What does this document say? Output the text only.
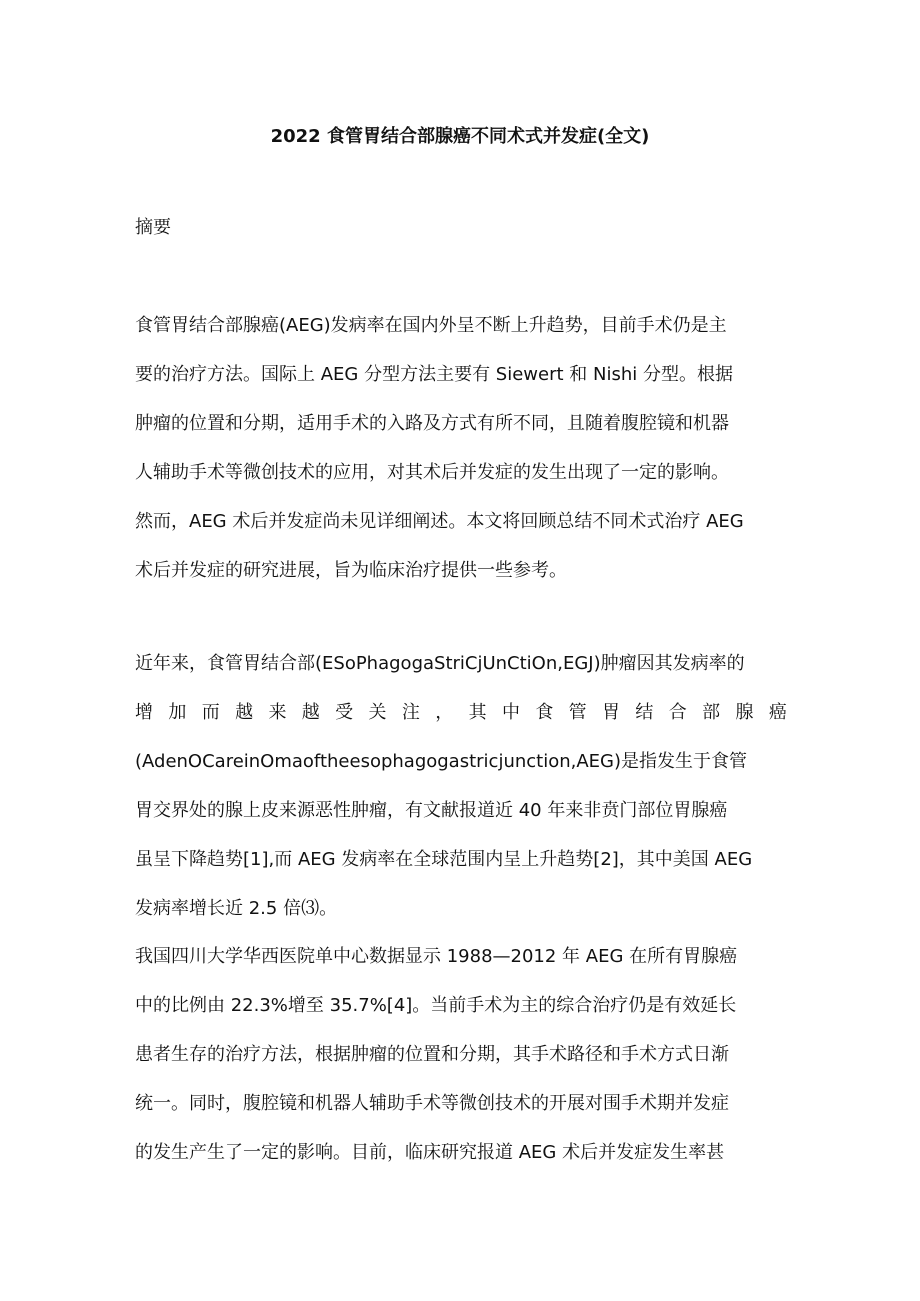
2022 食管胃结合部腺癌不同术式并发症(全文)
摘要

食管胃结合部腺癌(AEG)发病率在国内外呈不断上升趋势，目前手术仍是主
要的治疗方法。国际上 AEG 分型方法主要有 Siewert 和 Nishi 分型。根据
肿瘤的位置和分期，适用手术的入路及方式有所不同，且随着腹腔镜和机器
人辅助手术等微创技术的应用，对其术后并发症的发生出现了一定的影响。
然而，AEG 术后并发症尚未见详细阐述。本文将回顾总结不同术式治疗 AEG
术后并发症的研究进展，旨为临床治疗提供一些参考。

近年来，食管胃结合部(ESoPhagogaStriCjUnCtiOn,EGJ)肿瘤因其发病率的
增 加 而 越 来 越 受 关 注 ， 其 中 食 管 胃 结 合 部 腺 癌
(AdenOCareinOmaoftheesophagogastricjunction,AEG)是指发生于食管
胃交界处的腺上皮来源恶性肿瘤，有文献报道近 40 年来非贲门部位胃腺癌
虽呈下降趋势[1],而 AEG 发病率在全球范围内呈上升趋势[2]，其中美国 AEG
发病率增长近 2.5 倍⑶。

我国四川大学华西医院单中心数据显示 1988—2012 年 AEG 在所有胃腺癌
中的比例由 22.3%增至 35.7%[4]。当前手术为主的综合治疗仍是有效延长
患者生存的治疗方法，根据肿瘤的位置和分期，其手术路径和手术方式日渐
统一。同时，腹腔镜和机器人辅助手术等微创技术的开展对围手术期并发症
的发生产生了一定的影响。目前，临床研究报道 AEG 术后并发症发生率甚
